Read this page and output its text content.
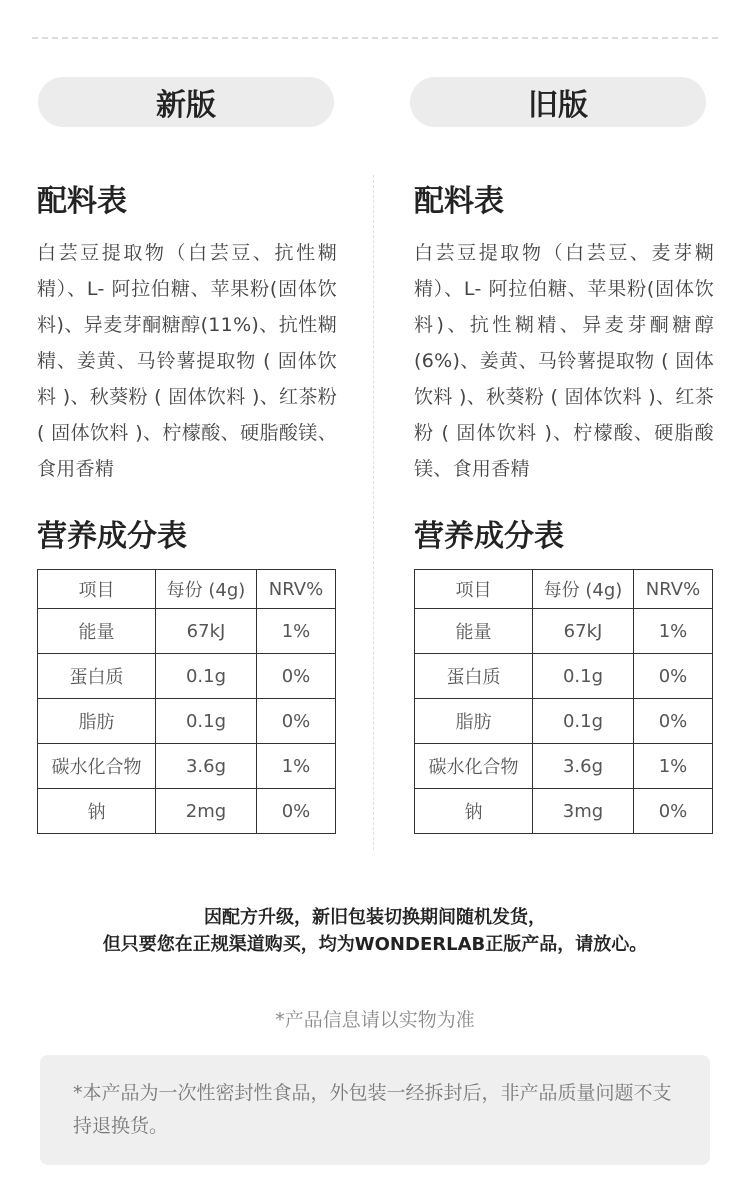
新版	旧版
配料表
白芸豆提取物（白芸豆、抗性糊精）、L- 阿拉伯糖、苹果粉(固体饮料)、异麦芽酮糖醇(11%)、抗性糊精、姜黄、马铃薯提取物 ( 固体饮料 )、秋葵粉 ( 固体饮料 )、红茶粉 ( 固体饮料 )、柠檬酸、硬脂酸镁、食用香精
营养成分表
项目	每份 (4g)	NRV%
能量	67kJ	1%
蛋白质	0.1g	0%
脂肪	0.1g	0%
碳水化合物	3.6g	1%
钠	2mg	0%
配料表
白芸豆提取物（白芸豆、麦芽糊精）、L- 阿拉伯糖、苹果粉(固体饮料)、抗性糊精、异麦芽酮糖醇(6%)、姜黄、马铃薯提取物 ( 固体饮料 )、秋葵粉 ( 固体饮料 )、红茶粉 ( 固体饮料 )、柠檬酸、硬脂酸镁、食用香精
营养成分表
项目	每份 (4g)	NRV%
能量	67kJ	1%
蛋白质	0.1g	0%
脂肪	0.1g	0%
碳水化合物	3.6g	1%
钠	3mg	0%
因配方升级，新旧包装切换期间随机发货，
但只要您在正规渠道购买，均为WONDERLAB正版产品，请放心。
*产品信息请以实物为准
*本产品为一次性密封性食品，外包装一经拆封后，非产品质量问题不支持退换货。
